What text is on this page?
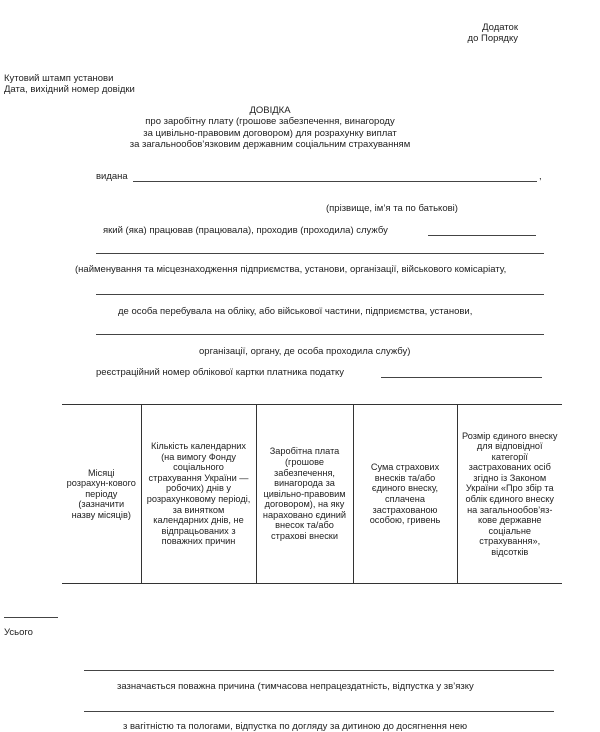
Додаток
до Порядку
Кутовий штамп установи
Дата, вихідний номер довідки
ДОВІДКА
про заробітну плату (грошове забезпечення, винагороду
за цивільно-правовим договором) для розрахунку виплат
за загальнообов’язковим державним соціальним страхуванням
видана	,
(прізвище, ім’я та по батькові)
який (яка) працював (працювала), проходив (проходила) службу
(найменування та місцезнаходження підприємства, установи, організації, військового комісаріату,
де особа перебувала на обліку, або військової частини, підприємства, установи,
організації, органу, де особа проходила службу)
реєстраційний номер облікової картки платника податку
Місяці розрахун-кового періоду (зазначити назву місяців)	Кількість календарних (на вимогу Фонду соціального страхування України — робочих) днів у розрахунковому періоді, за винятком календарних днів, не відпрацьованих з поважних причин	Заробітна плата (грошове забезпечення, винагорода за цивільно-правовим договором), на яку нараховано єдиний внесок та/або страхові внески	Сума страхових внесків та/або єдиного внеску, сплачена застрахованою особою, гривень	Розмір єдиного внеску для відповідної категорії застрахованих осіб згідно із Законом України «Про збір та облік єдиного внеску на загальнообов’яз-кове державне соціальне страхування», відсотків
Усього
зазначається поважна причина (тимчасова непрацездатність, відпустка у зв’язку
з вагітністю та пологами, відпустка по догляду за дитиною до досягнення нею
